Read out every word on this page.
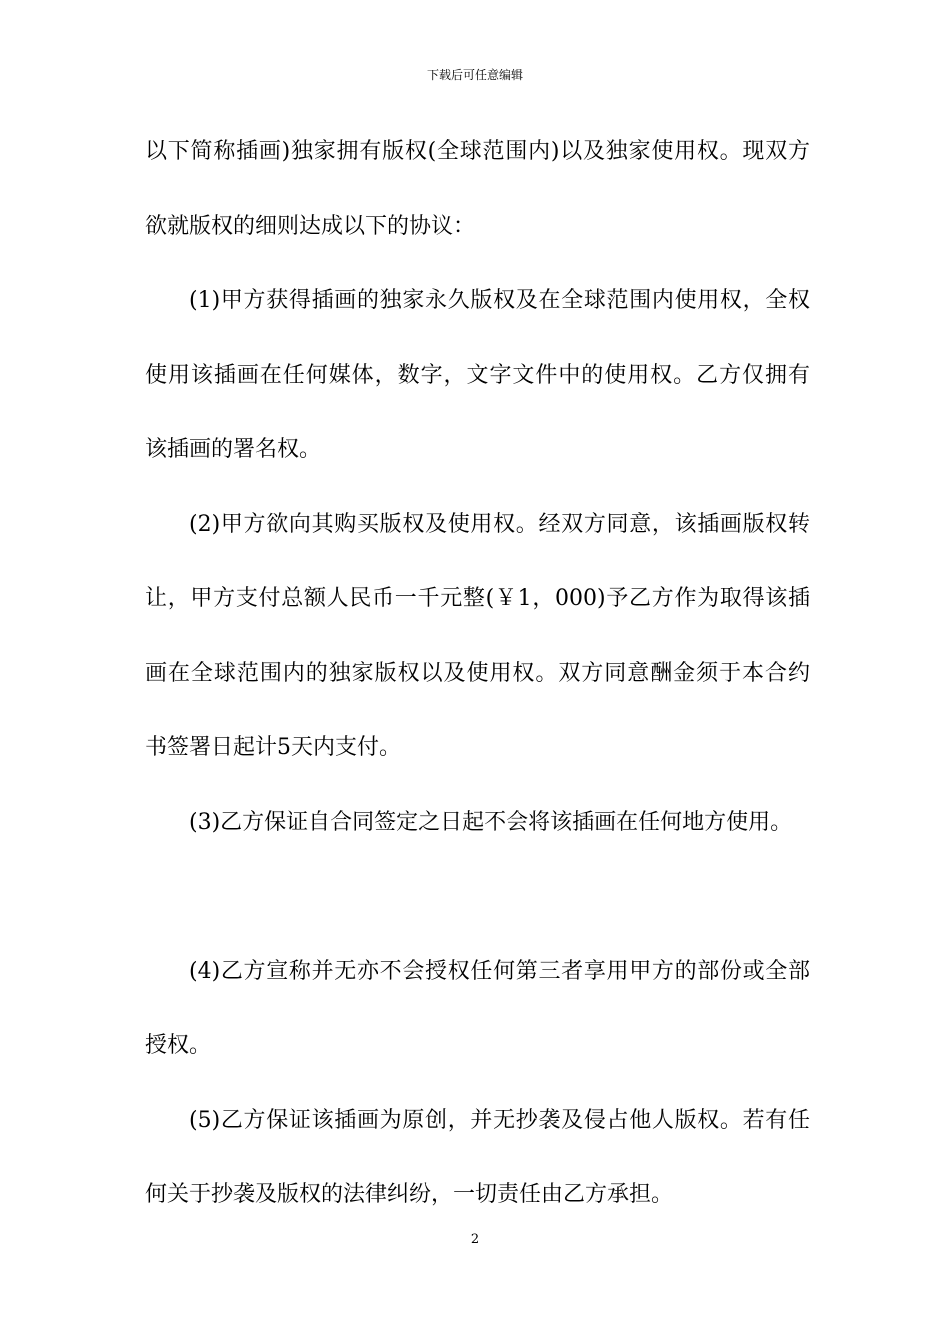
下载后可任意编辑
以下简称插画)独家拥有版权(全球范围内)以及独家使用权。现双方
欲就版权的细则达成以下的协议：
(1)甲方获得插画的独家永久版权及在全球范围内使用权，全权
使用该插画在任何媒体，数字，文字文件中的使用权。乙方仅拥有
该插画的署名权。
(2)甲方欲向其购买版权及使用权。经双方同意，该插画版权转
让，甲方支付总额人民币一千元整(￥1，000)予乙方作为取得该插
画在全球范围内的独家版权以及使用权。双方同意酬金须于本合约
书签署日起计5天内支付。
(3)乙方保证自合同签定之日起不会将该插画在任何地方使用。
(4)乙方宣称并无亦不会授权任何第三者享用甲方的部份或全部
授权。
(5)乙方保证该插画为原创，并无抄袭及侵占他人版权。若有任
何关于抄袭及版权的法律纠纷，一切责任由乙方承担。
2
